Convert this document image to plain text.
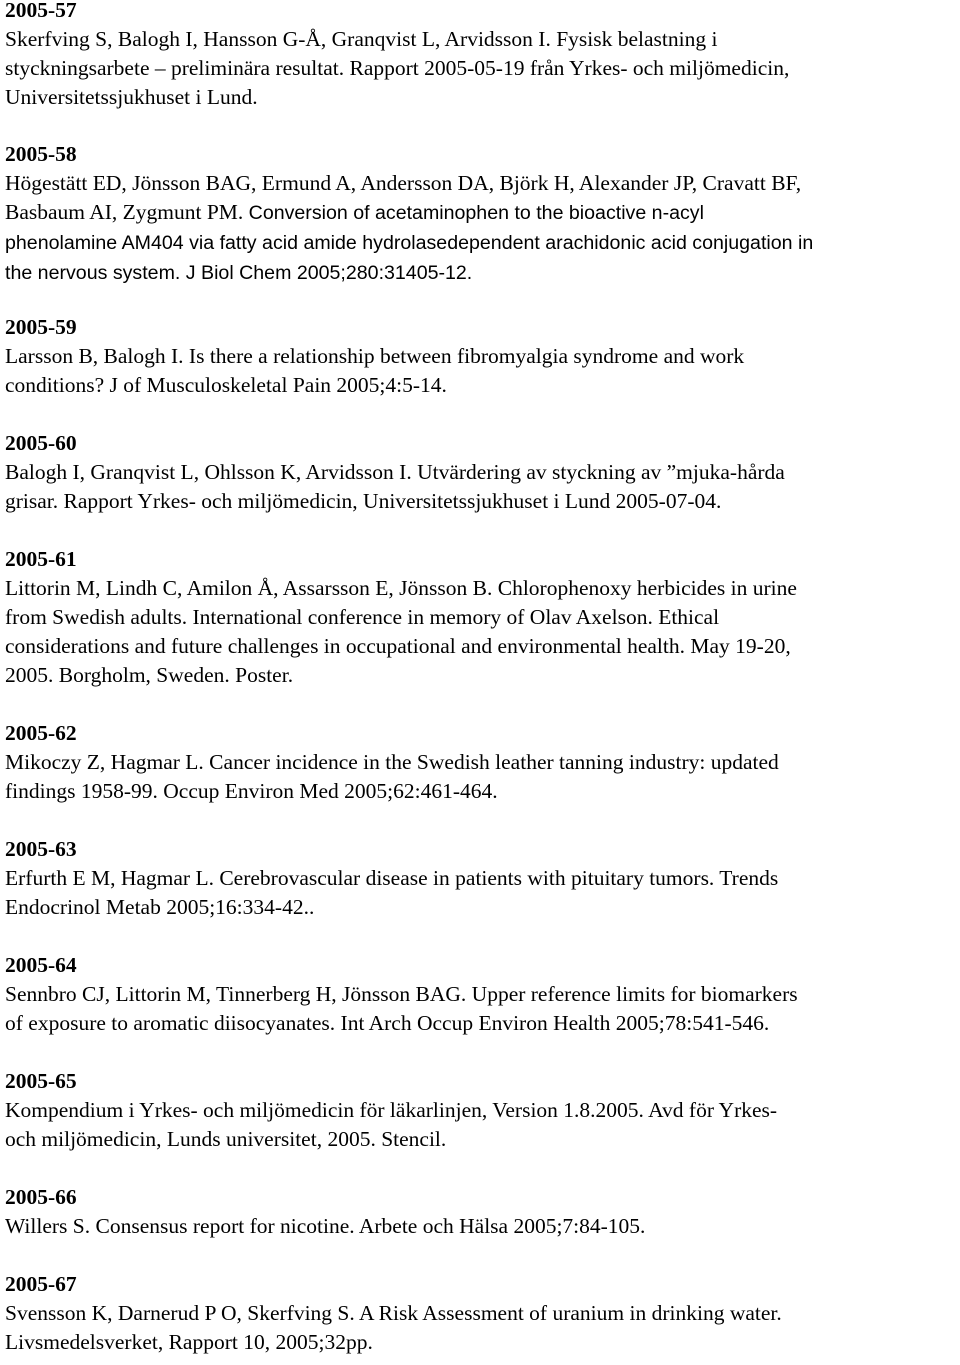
2005-57
Skerfving S, Balogh I, Hansson G-Å, Granqvist L, Arvidsson I. Fysisk belastning i
styckningsarbete – preliminära resultat. Rapport 2005-05-19 från Yrkes- och miljömedicin,
Universitetssjukhuset i Lund.
2005-58
Högestätt ED, Jönsson BAG, Ermund A, Andersson DA, Björk H, Alexander JP, Cravatt BF,
Basbaum AI, Zygmunt PM. Conversion of acetaminophen to the bioactive n-acyl
phenolamine AM404 via fatty acid amide hydrolasedependent arachidonic acid conjugation in
the nervous system. J Biol Chem 2005;280:31405-12.
2005-59
Larsson B, Balogh I. Is there a relationship between fibromyalgia syndrome and work
conditions? J of Musculoskeletal Pain 2005;4:5-14.
2005-60
Balogh I, Granqvist L, Ohlsson K, Arvidsson I. Utvärdering av styckning av ”mjuka-hårda
grisar. Rapport Yrkes- och miljömedicin, Universitetssjukhuset i Lund 2005-07-04.
2005-61
Littorin M, Lindh C, Amilon Å, Assarsson E, Jönsson B. Chlorophenoxy herbicides in urine
from Swedish adults. International conference in memory of Olav Axelson. Ethical
considerations and future challenges in occupational and environmental health. May 19-20,
2005. Borgholm, Sweden. Poster.
2005-62
Mikoczy Z, Hagmar L. Cancer incidence in the Swedish leather tanning industry: updated
findings 1958-99. Occup Environ Med 2005;62:461-464.
2005-63
Erfurth E M, Hagmar L. Cerebrovascular disease in patients with pituitary tumors. Trends
Endocrinol Metab 2005;16:334-42..
2005-64
Sennbro CJ, Littorin M, Tinnerberg H, Jönsson BAG. Upper reference limits for biomarkers
of exposure to aromatic diisocyanates. Int Arch Occup Environ Health 2005;78:541-546.
2005-65
Kompendium i Yrkes- och miljömedicin för läkarlinjen, Version 1.8.2005. Avd för Yrkes-
och miljömedicin, Lunds universitet, 2005. Stencil.
2005-66
Willers S. Consensus report for nicotine. Arbete och Hälsa 2005;7:84-105.
2005-67
Svensson K, Darnerud P O, Skerfving S. A Risk Assessment of uranium in drinking water.
Livsmedelsverket, Rapport 10, 2005;32pp.
